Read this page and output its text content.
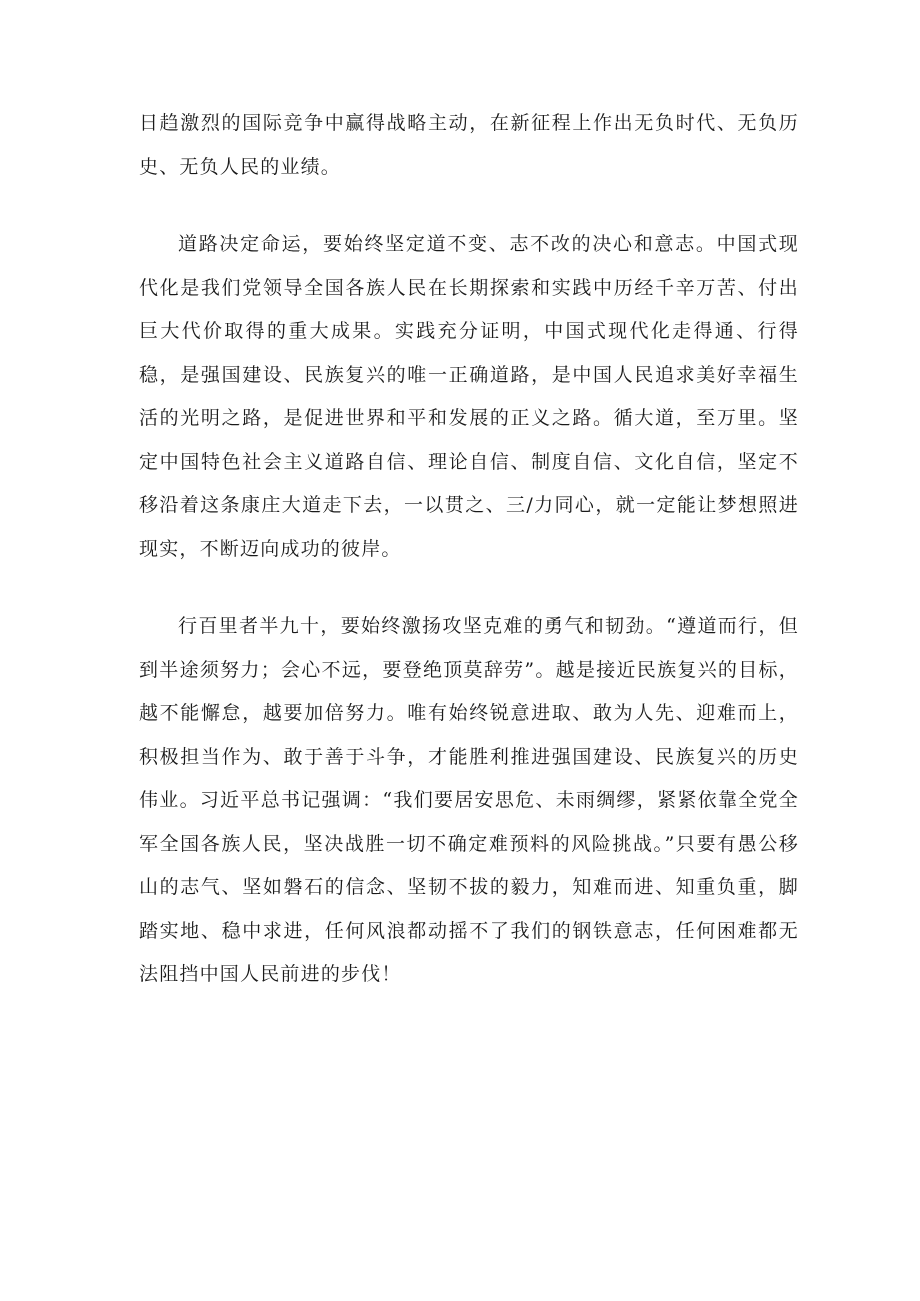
日趋激烈的国际竞争中赢得战略主动，在新征程上作出无负时代、无负历史、无负人民的业绩。

道路决定命运，要始终坚定道不变、志不改的决心和意志。中国式现代化是我们党领导全国各族人民在长期探索和实践中历经千辛万苦、付出巨大代价取得的重大成果。实践充分证明，中国式现代化走得通、行得稳，是强国建设、民族复兴的唯一正确道路，是中国人民追求美好幸福生活的光明之路，是促进世界和平和发展的正义之路。循大道，至万里。坚定中国特色社会主义道路自信、理论自信、制度自信、文化自信，坚定不移沿着这条康庄大道走下去，一以贯之、三/力同心，就一定能让梦想照进现实，不断迈向成功的彼岸。

行百里者半九十，要始终激扬攻坚克难的勇气和韧劲。“遵道而行，但到半途须努力；会心不远，要登绝顶莫辞劳”。越是接近民族复兴的目标，越不能懈怠，越要加倍努力。唯有始终锐意进取、敢为人先、迎难而上，积极担当作为、敢于善于斗争，才能胜利推进强国建设、民族复兴的历史伟业。习近平总书记强调：“我们要居安思危、未雨绸缪，紧紧依靠全党全军全国各族人民，坚决战胜一切不确定难预料的风险挑战。”只要有愚公移山的志气、坚如磐石的信念、坚韧不拔的毅力，知难而进、知重负重，脚踏实地、稳中求进，任何风浪都动摇不了我们的钢铁意志，任何困难都无法阻挡中国人民前进的步伐！
